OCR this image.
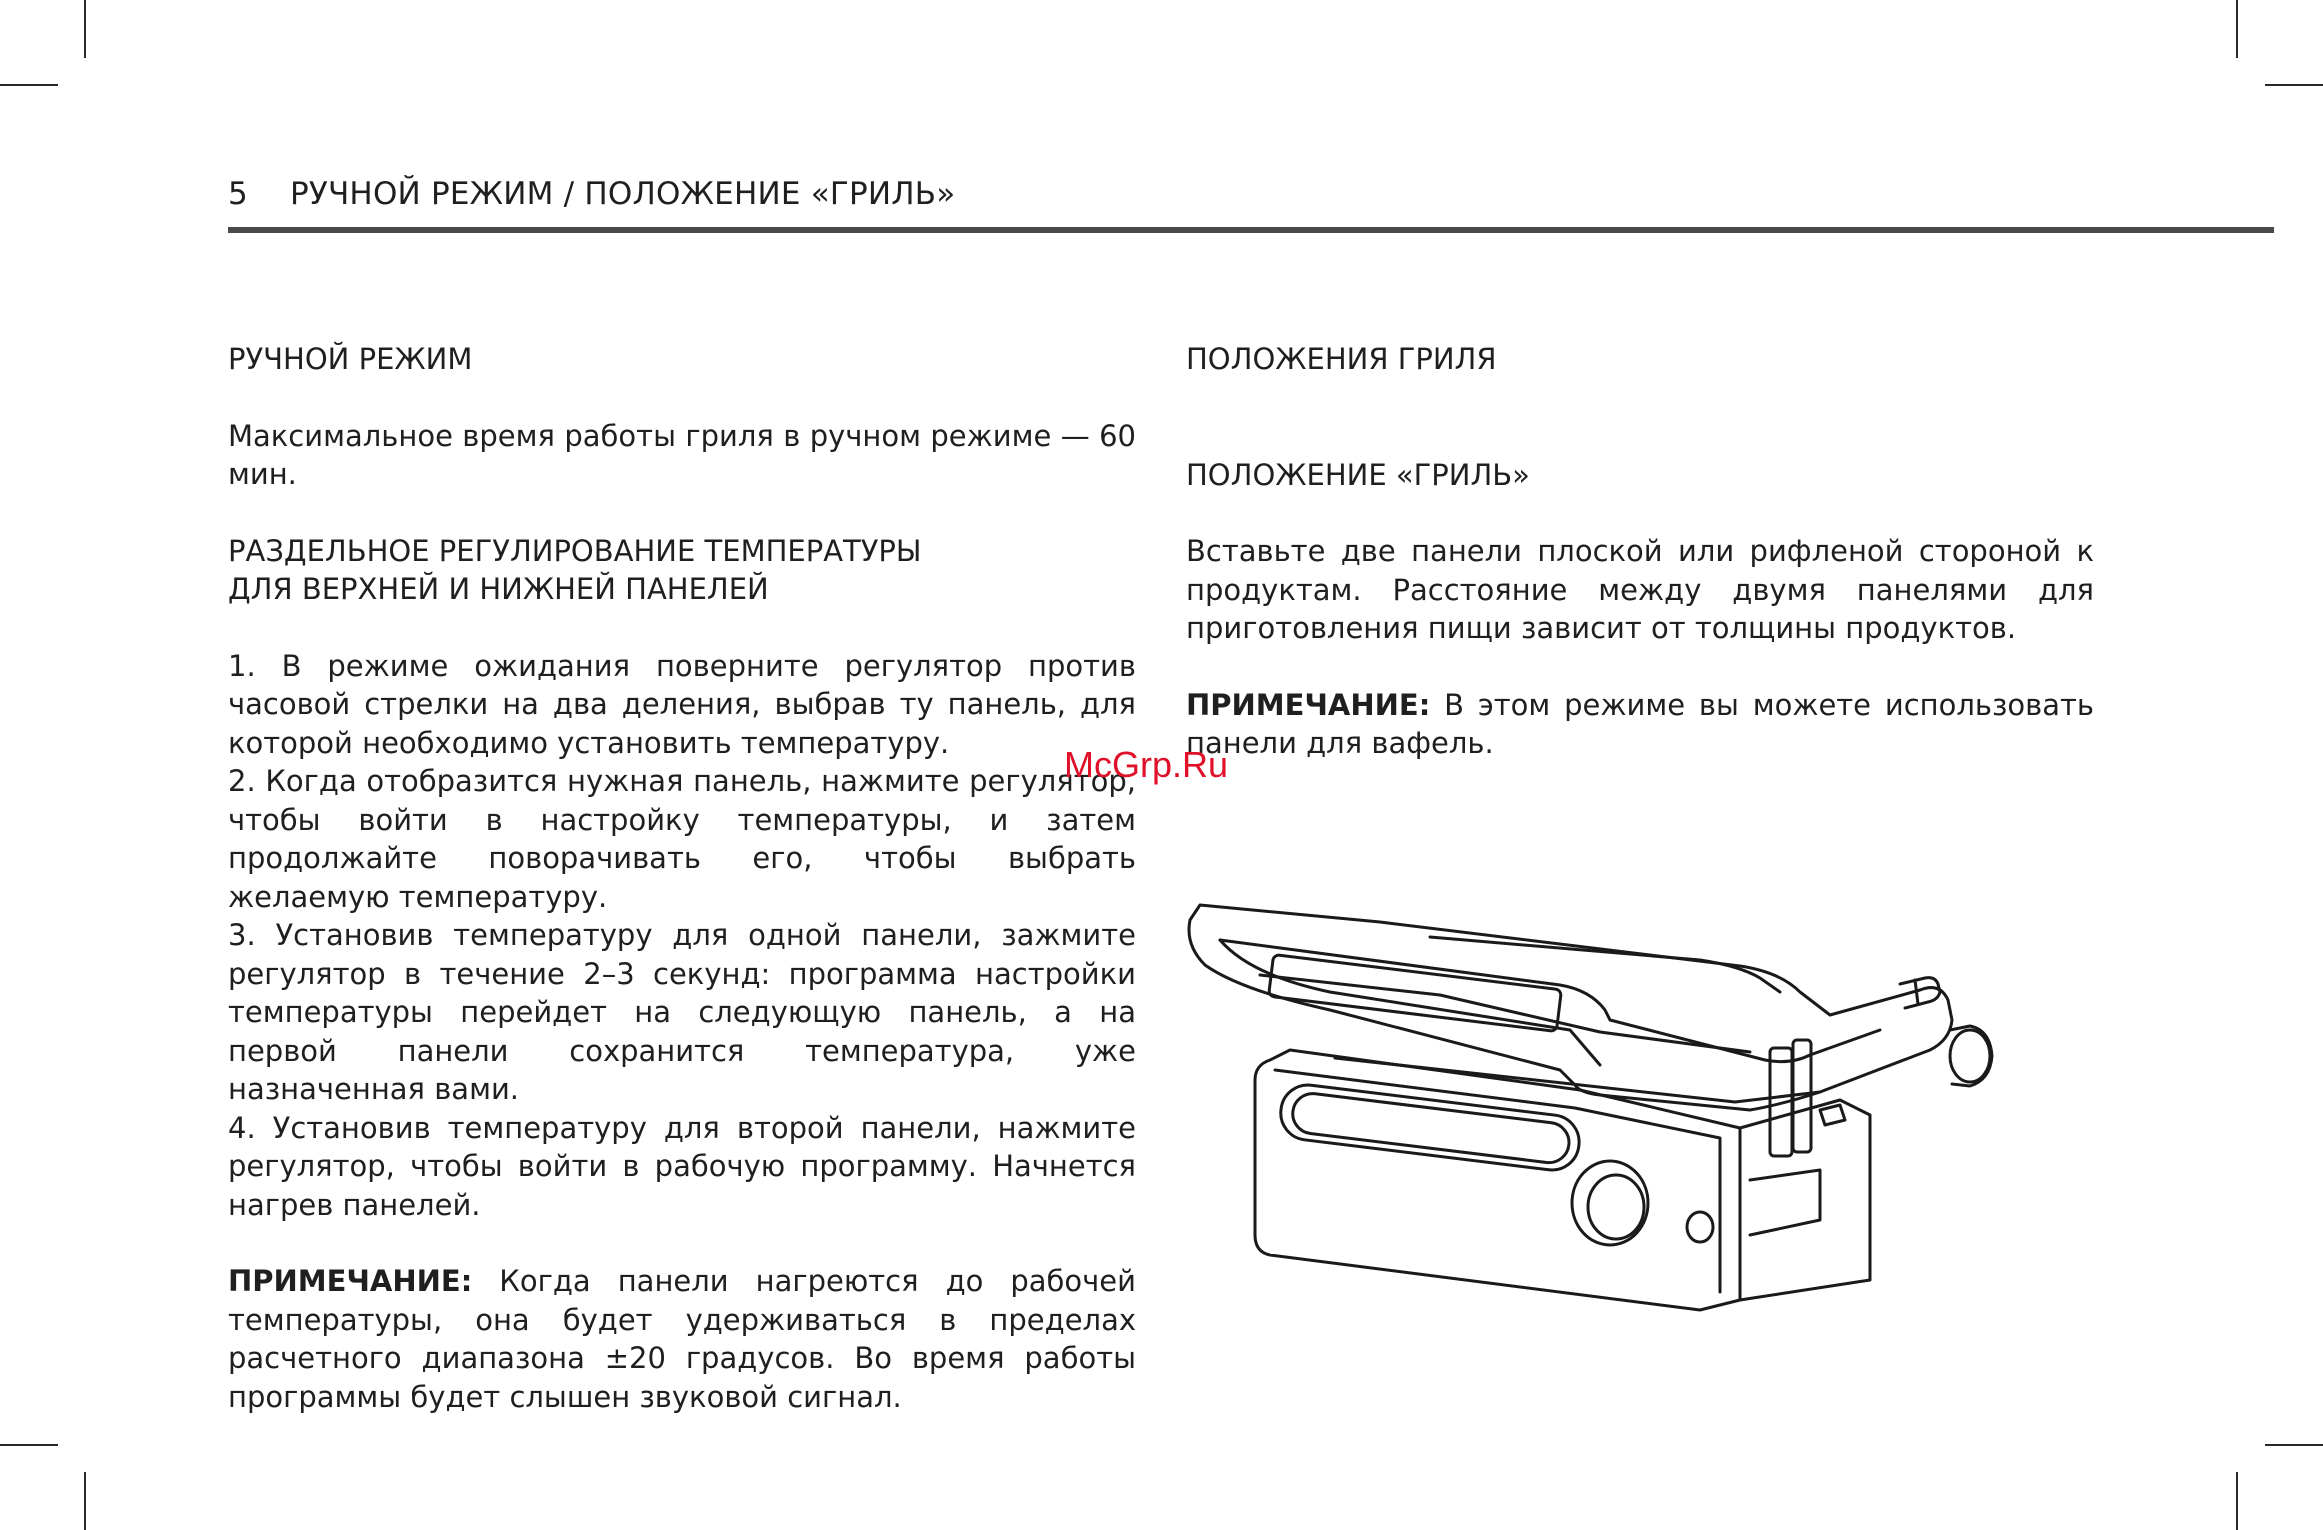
5 РУЧНОЙ РЕЖИМ / ПОЛОЖЕНИЕ «ГРИЛЬ»

РУЧНОЙ РЕЖИМ

Максимальное время работы гриля в ручном режиме — 60 мин.

РАЗДЕЛЬНОЕ РЕГУЛИРОВАНИЕ ТЕМПЕРАТУРЫ

ДЛЯ ВЕРХНЕЙ И НИЖНЕЙ ПАНЕЛЕЙ

1. В режиме ожидания поверните регулятор против часовой стрелки на два деления, выбрав ту панель, для которой необходимо установить температуру.

2. Когда отобразится нужная панель, нажмите регулятор, чтобы войти в настройку температуры, и затем продолжайте поворачивать его, чтобы выбрать желаемую температуру.

3. Установив температуру для одной панели, зажмите регулятор в течение 2–3 секунд: программа настройки температуры перейдет на следующую панель, а на первой панели сохранится температура, уже назначенная вами.

4. Установив температуру для второй панели, нажмите регулятор, чтобы войти в рабочую программу. Начнется нагрев панелей.

ПРИМЕЧАНИЕ: Когда панели нагреются до рабочей температуры, она будет удерживаться в пределах расчетного диапазона ±20 градусов. Во время работы программы будет слышен звуковой сигнал.

ПОЛОЖЕНИЯ ГРИЛЯ

ПОЛОЖЕНИЕ «ГРИЛЬ»

Вставьте две панели плоской или рифленой стороной к продуктам. Расстояние между двумя панелями для приготовления пищи зависит от толщины продуктов.

ПРИМЕЧАНИЕ: В этом режиме вы можете использовать панели для вафель.

McGrp.Ru
